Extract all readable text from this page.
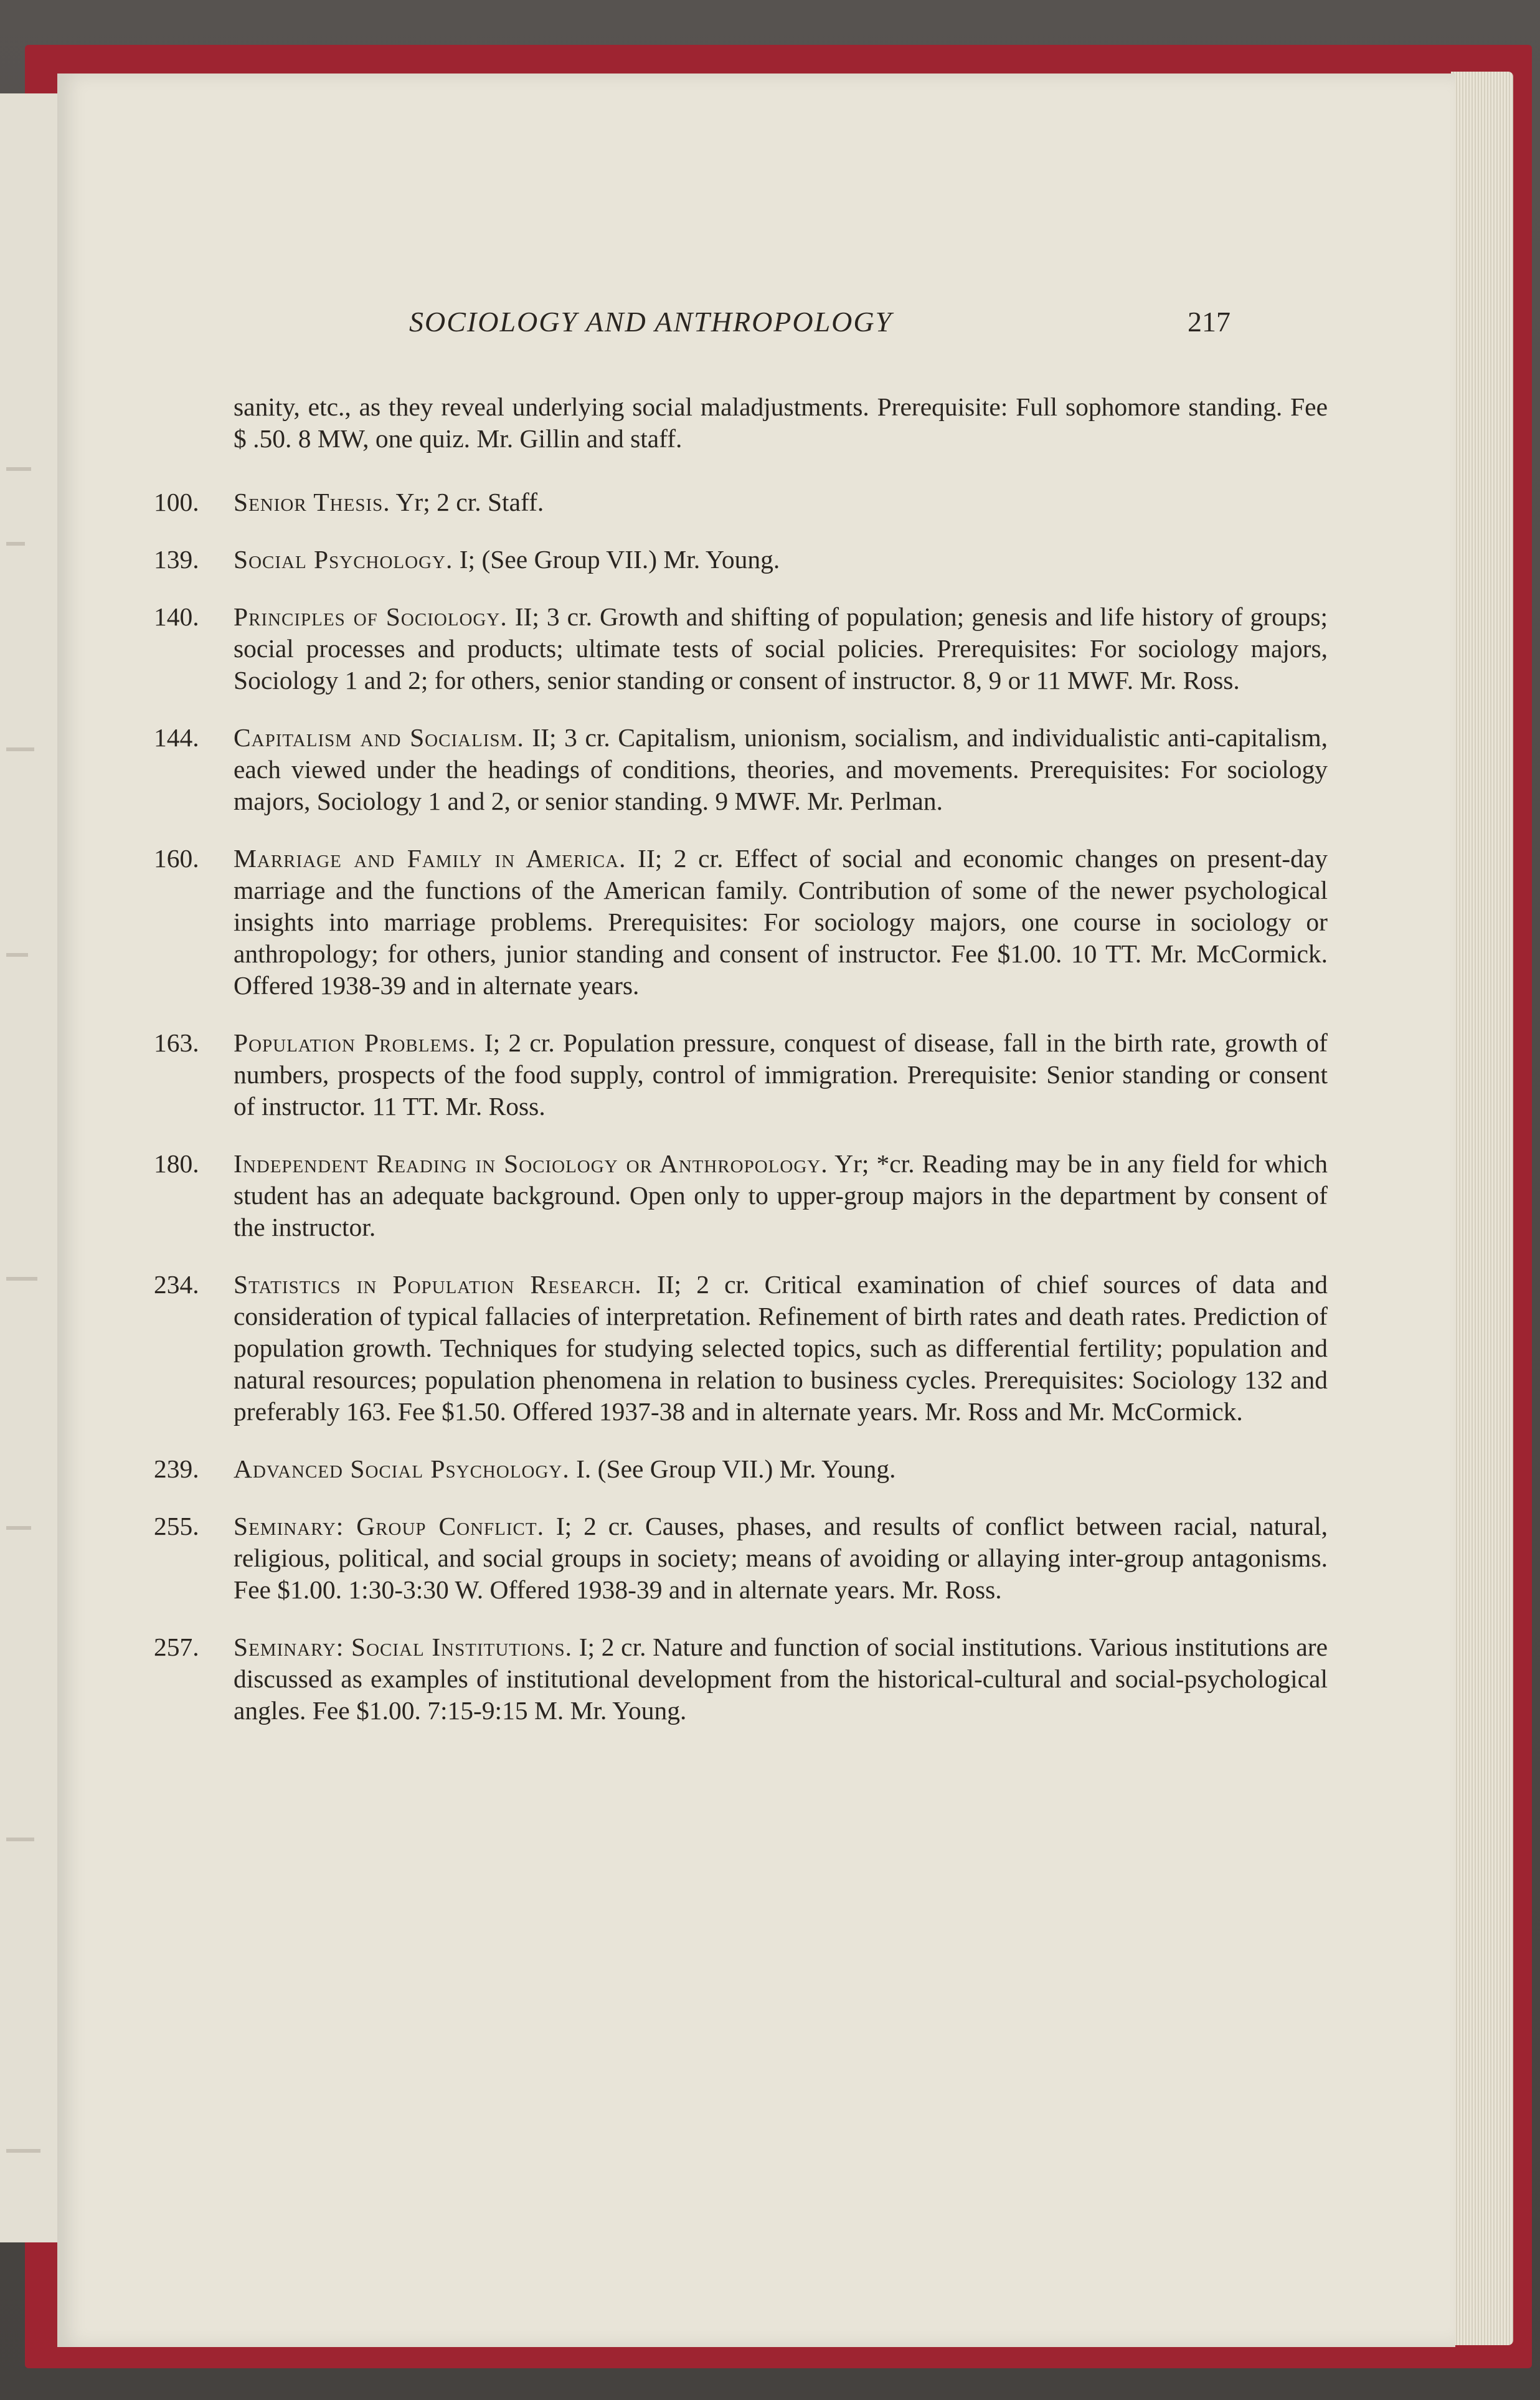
SOCIOLOGY AND ANTHROPOLOGY	217
sanity, etc., as they reveal underlying social maladjustments. Prerequisite: Full sophomore standing. Fee $ .50. 8 MW, one quiz. Mr. Gillin and staff.
100. Senior Thesis. Yr; 2 cr. Staff.
139. Social Psychology. I; (See Group VII.) Mr. Young.
140. Principles of Sociology. II; 3 cr. Growth and shifting of population; genesis and life history of groups; social processes and products; ultimate tests of social policies. Prerequisites: For sociology majors, Sociology 1 and 2; for others, senior standing or consent of instructor. 8, 9 or 11 MWF. Mr. Ross.
144. Capitalism and Socialism. II; 3 cr. Capitalism, unionism, socialism, and individualistic anti-capitalism, each viewed under the headings of conditions, theories, and movements. Prerequisites: For sociology majors, Sociology 1 and 2, or senior standing. 9 MWF. Mr. Perlman.
160. Marriage and Family in America. II; 2 cr. Effect of social and economic changes on present-day marriage and the functions of the American family. Contribution of some of the newer psychological insights into marriage problems. Prerequisites: For sociology majors, one course in sociology or anthropology; for others, junior standing and consent of instructor. Fee $1.00. 10 TT. Mr. McCormick. Offered 1938-39 and in alternate years.
163. Population Problems. I; 2 cr. Population pressure, conquest of disease, fall in the birth rate, growth of numbers, prospects of the food supply, control of immigration. Prerequisite: Senior standing or consent of instructor. 11 TT. Mr. Ross.
180. Independent Reading in Sociology or Anthropology. Yr; *cr. Reading may be in any field for which student has an adequate background. Open only to upper-group majors in the department by consent of the instructor.
234. Statistics in Population Research. II; 2 cr. Critical examination of chief sources of data and consideration of typical fallacies of interpretation. Refinement of birth rates and death rates. Prediction of population growth. Techniques for studying selected topics, such as differential fertility; population and natural resources; population phenomena in relation to business cycles. Prerequisites: Sociology 132 and preferably 163. Fee $1.50. Offered 1937-38 and in alternate years. Mr. Ross and Mr. McCormick.
239. Advanced Social Psychology. I. (See Group VII.) Mr. Young.
255. Seminary: Group Conflict. I; 2 cr. Causes, phases, and results of conflict between racial, natural, religious, political, and social groups in society; means of avoiding or allaying inter-group antagonisms. Fee $1.00. 1:30-3:30 W. Offered 1938-39 and in alternate years. Mr. Ross.
257. Seminary: Social Institutions. I; 2 cr. Nature and function of social institutions. Various institutions are discussed as examples of institutional development from the historical-cultural and social-psychological angles. Fee $1.00. 7:15-9:15 M. Mr. Young.
